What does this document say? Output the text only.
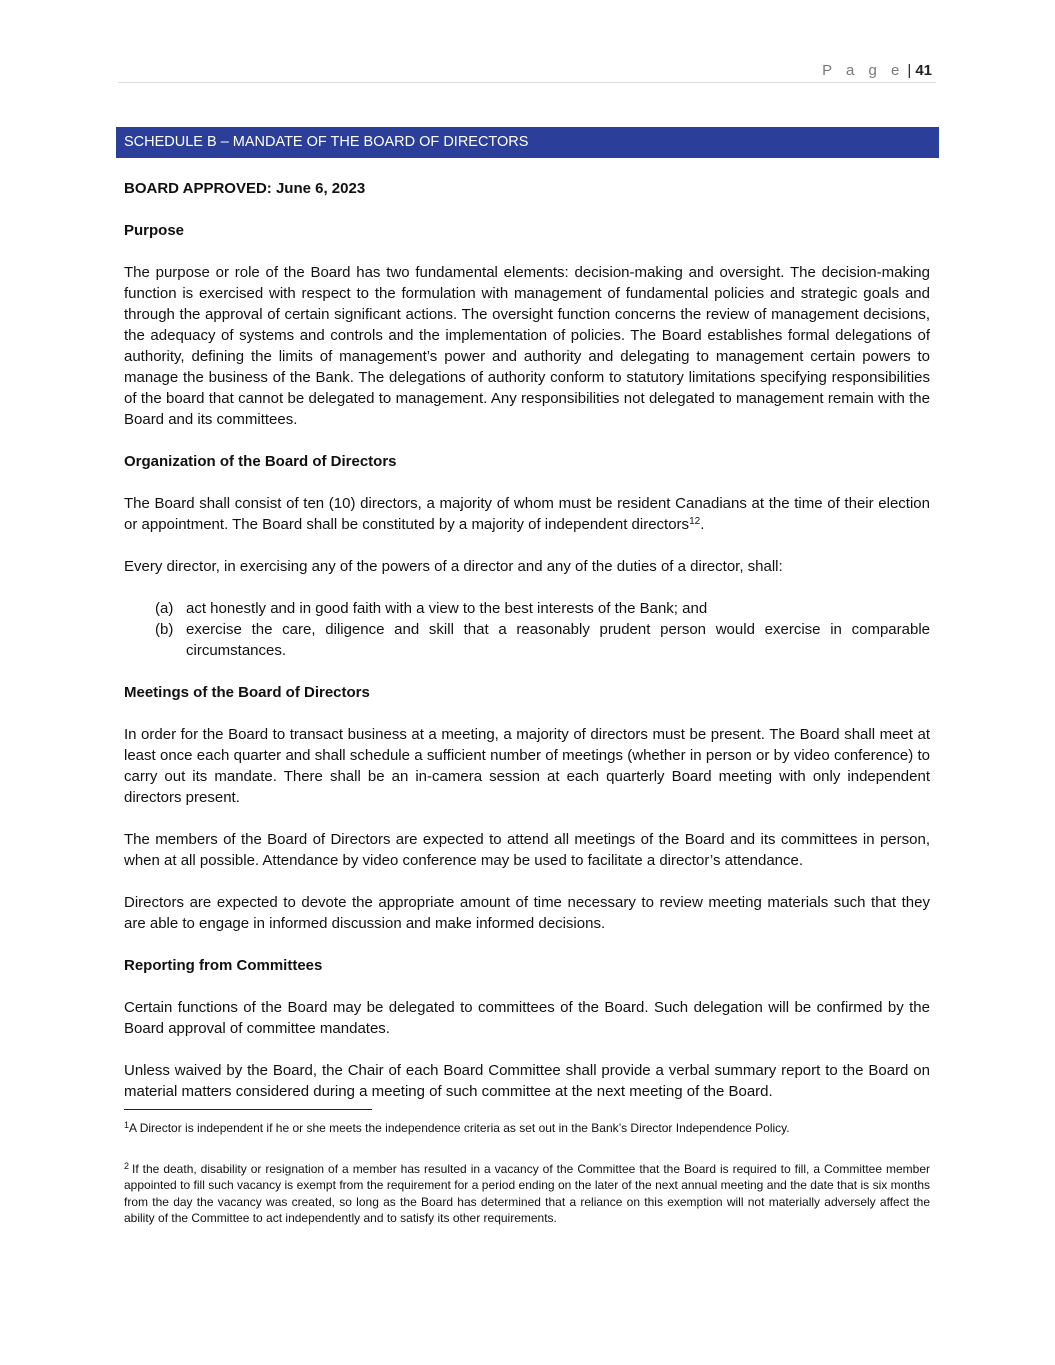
P a g e | 41
SCHEDULE B – MANDATE OF THE BOARD OF DIRECTORS

BOARD APPROVED: June 6, 2023

Purpose

The purpose or role of the Board has two fundamental elements: decision-making and oversight. The decision-making function is exercised with respect to the formulation with management of fundamental policies and strategic goals and through the approval of certain significant actions. The oversight function concerns the review of management decisions, the adequacy of systems and controls and the implementation of policies. The Board establishes formal delegations of authority, defining the limits of management’s power and authority and delegating to management certain powers to manage the business of the Bank. The delegations of authority conform to statutory limitations specifying responsibilities of the board that cannot be delegated to management. Any responsibilities not delegated to management remain with the Board and its committees.

Organization of the Board of Directors

The Board shall consist of ten (10) directors, a majority of whom must be resident Canadians at the time of their election or appointment. The Board shall be constituted by a majority of independent directors$^{12}$.

Every director, in exercising any of the powers of a director and any of the duties of a director, shall:

(a) act honestly and in good faith with a view to the best interests of the Bank; and
(b) exercise the care, diligence and skill that a reasonably prudent person would exercise in comparable circumstances.
Meetings of the Board of Directors

In order for the Board to transact business at a meeting, a majority of directors must be present. The Board shall meet at least once each quarter and shall schedule a sufficient number of meetings (whether in person or by video conference) to carry out its mandate. There shall be an in-camera session at each quarterly Board meeting with only independent directors present.

The members of the Board of Directors are expected to attend all meetings of the Board and its committees in person, when at all possible. Attendance by video conference may be used to facilitate a director’s attendance.

Directors are expected to devote the appropriate amount of time necessary to review meeting materials such that they are able to engage in informed discussion and make informed decisions.

Reporting from Committees

Certain functions of the Board may be delegated to committees of the Board. Such delegation will be confirmed by the Board approval of committee mandates.

Unless waived by the Board, the Chair of each Board Committee shall provide a verbal summary report to the Board on material matters considered during a meeting of such committee at the next meeting of the Board.

$^1$A Director is independent if he or she meets the independence criteria as set out in the Bank’s Director Independence Policy.

$^2$ If the death, disability or resignation of a member has resulted in a vacancy of the Committee that the Board is required to fill, a Committee member appointed to fill such vacancy is exempt from the requirement for a period ending on the later of the next annual meeting and the date that is six months from the day the vacancy was created, so long as the Board has determined that a reliance on this exemption will not materially adversely affect the ability of the Committee to act independently and to satisfy its other requirements.
